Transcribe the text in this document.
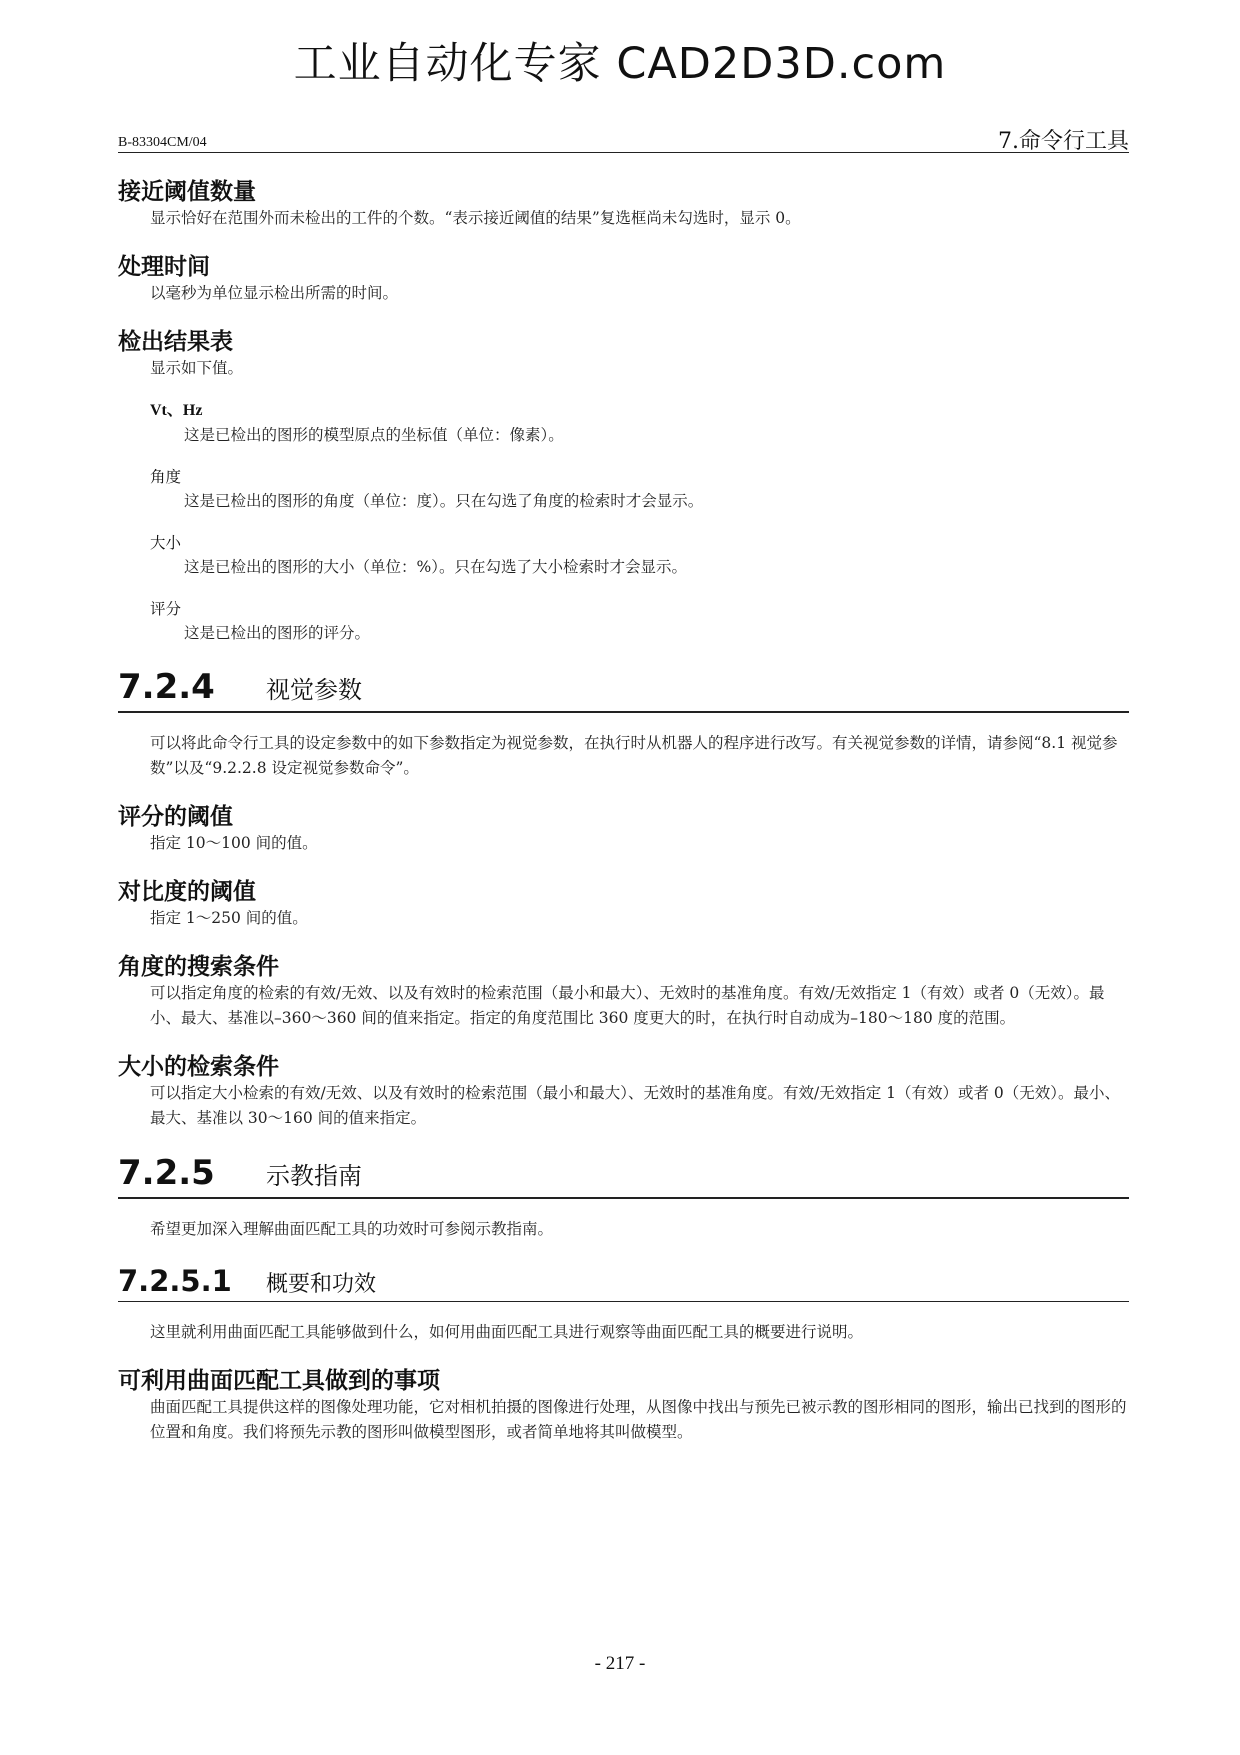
工业自动化专家 CAD2D3D.com
B-83304CM/04	7.命令行工具
接近阈值数量

显示恰好在范围外而未检出的工件的个数。“表示接近阈值的结果”复选框尚未勾选时，显示 0。

处理时间

以毫秒为单位显示检出所需的时间。

检出结果表

显示如下值。

Vt、Hz
这是已检出的图形的模型原点的坐标值（单位：像素）。
角度
这是已检出的图形的角度（单位：度）。只在勾选了角度的检索时才会显示。
大小
这是已检出的图形的大小（单位：%）。只在勾选了大小检索时才会显示。
评分
这是已检出的图形的评分。
7.2.4	视觉参数

可以将此命令行工具的设定参数中的如下参数指定为视觉参数，在执行时从机器人的程序进行改写。有关视觉参数的详情，请参阅“8.1 视觉参数”以及“9.2.2.8 设定视觉参数命令”。

评分的阈值

指定 10～100 间的值。

对比度的阈值

指定 1～250 间的值。

角度的搜索条件

可以指定角度的检索的有效/无效、以及有效时的检索范围（最小和最大）、无效时的基准角度。有效/无效指定 1（有效）或者 0（无效）。最小、最大、基准以–360～360 间的值来指定。指定的角度范围比 360 度更大的时，在执行时自动成为–180～180 度的范围。

大小的检索条件

可以指定大小检索的有效/无效、以及有效时的检索范围（最小和最大）、无效时的基准角度。有效/无效指定 1（有效）或者 0（无效）。最小、最大、基准以 30～160 间的值来指定。

7.2.5	示教指南

希望更加深入理解曲面匹配工具的功效时可参阅示教指南。

7.2.5.1	概要和功效

这里就利用曲面匹配工具能够做到什么，如何用曲面匹配工具进行观察等曲面匹配工具的概要进行说明。

可利用曲面匹配工具做到的事项

曲面匹配工具提供这样的图像处理功能，它对相机拍摄的图像进行处理，从图像中找出与预先已被示教的图形相同的图形，输出已找到的图形的位置和角度。我们将预先示教的图形叫做模型图形，或者简单地将其叫做模型。

- 217 -
